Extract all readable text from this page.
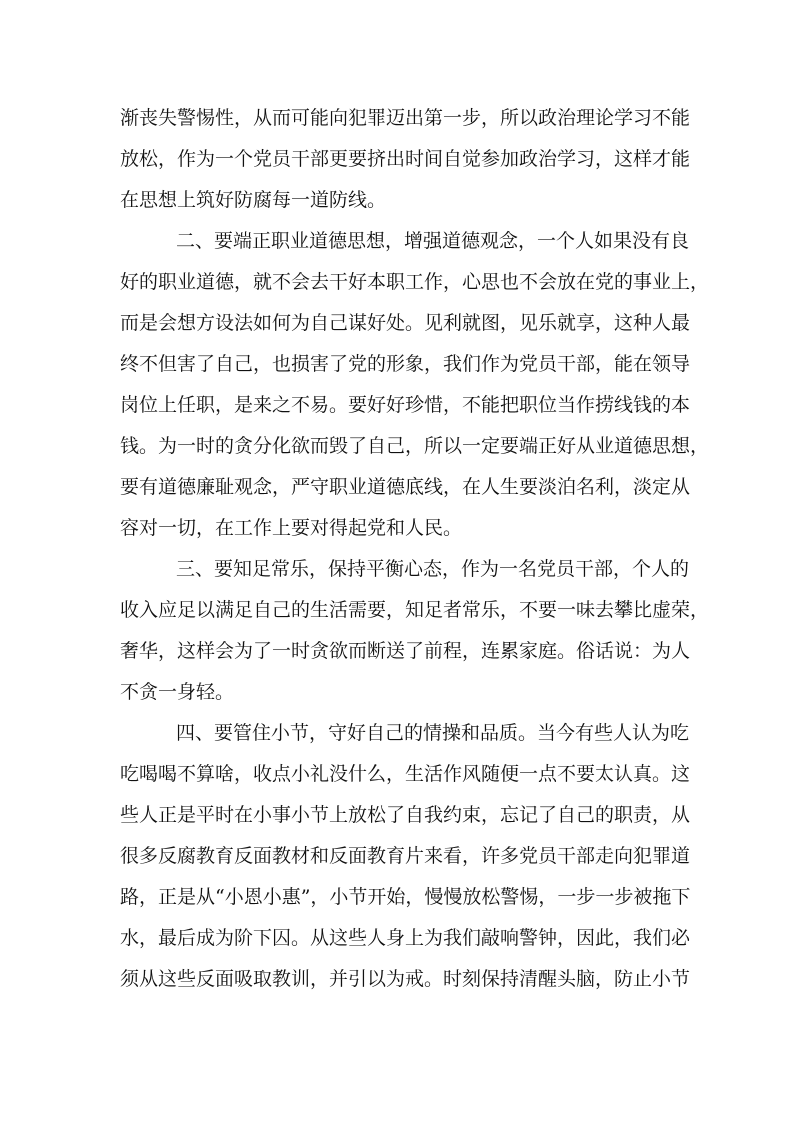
渐丧失警惕性，从而可能向犯罪迈出第一步，所以政治理论学习不能
放松，作为一个党员干部更要挤出时间自觉参加政治学习，这样才能
在思想上筑好防腐每一道防线。
二、要端正职业道德思想，增强道德观念，一个人如果没有良
好的职业道德，就不会去干好本职工作，心思也不会放在党的事业上，
而是会想方设法如何为自己谋好处。见利就图，见乐就享，这种人最
终不但害了自己，也损害了党的形象，我们作为党员干部，能在领导
岗位上任职，是来之不易。要好好珍惜，不能把职位当作捞线钱的本
钱。为一时的贪分化欲而毁了自己，所以一定要端正好从业道德思想，
要有道德廉耻观念，严守职业道德底线，在人生要淡泊名利，淡定从
容对一切，在工作上要对得起党和人民。
三、要知足常乐，保持平衡心态，作为一名党员干部，个人的
收入应足以满足自己的生活需要，知足者常乐，不要一味去攀比虚荣，
奢华，这样会为了一时贪欲而断送了前程，连累家庭。俗话说：为人
不贪一身轻。
四、要管住小节，守好自己的情操和品质。当今有些人认为吃
吃喝喝不算啥，收点小礼没什么，生活作风随便一点不要太认真。这
些人正是平时在小事小节上放松了自我约束，忘记了自己的职责，从
很多反腐教育反面教材和反面教育片来看，许多党员干部走向犯罪道
路，正是从“小恩小惠”，小节开始，慢慢放松警惕，一步一步被拖下
水，最后成为阶下囚。从这些人身上为我们敲响警钟，因此，我们必
须从这些反面吸取教训，并引以为戒。时刻保持清醒头脑，防止小节
